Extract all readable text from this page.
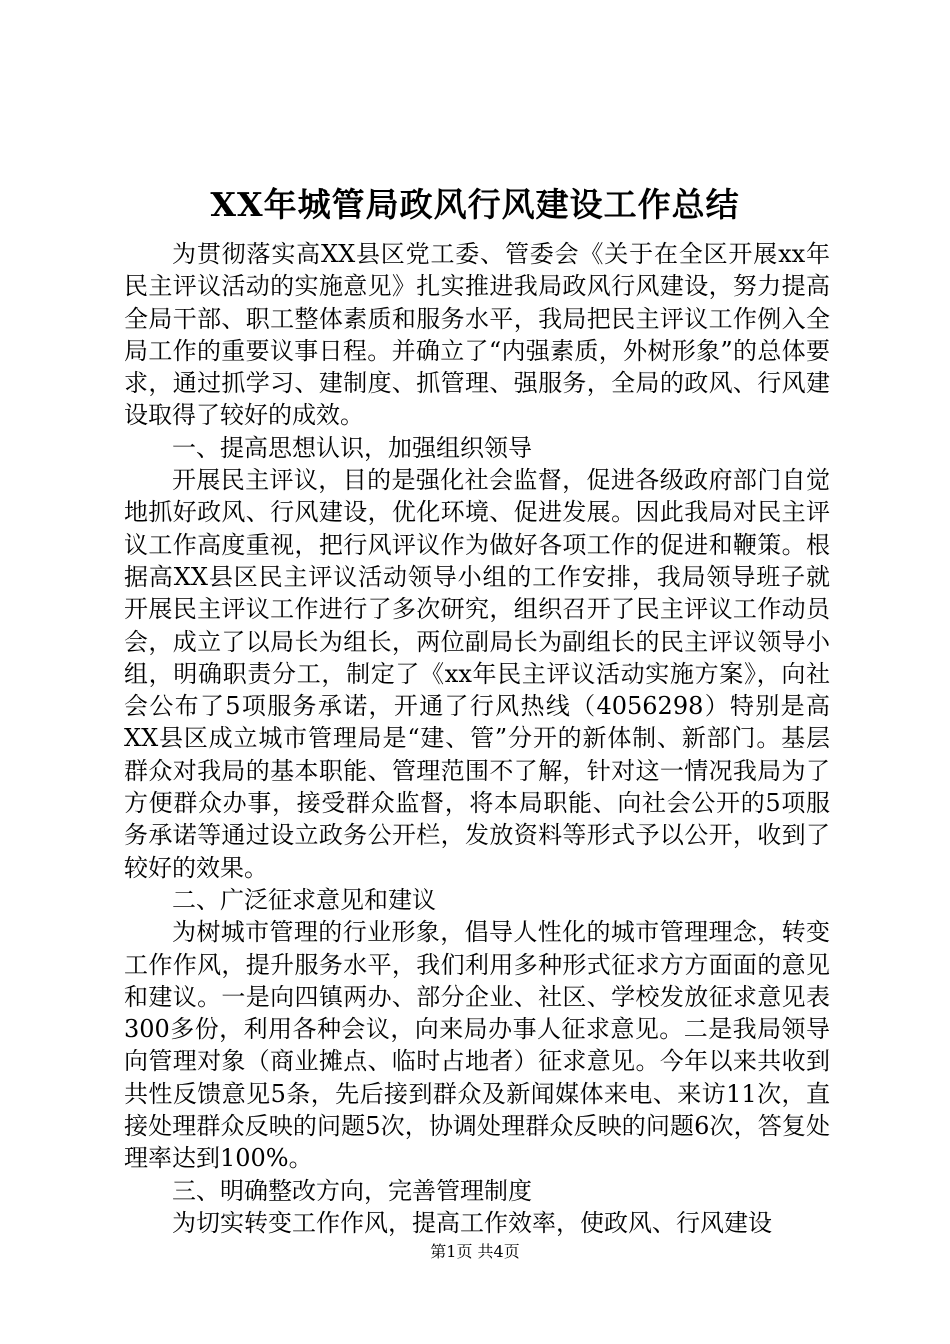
XX年城管局政风行风建设工作总结

为贯彻落实高XX县区党工委、管委会《关于在全区开展xx年民主评议活动的实施意见》扎实推进我局政风行风建设，努力提高全局干部、职工整体素质和服务水平，我局把民主评议工作例入全局工作的重要议事日程。并确立了“内强素质，外树形象”的总体要求，通过抓学习、建制度、抓管理、强服务，全局的政风、行风建设取得了较好的成效。

一、提高思想认识，加强组织领导

开展民主评议，目的是强化社会监督，促进各级政府部门自觉地抓好政风、行风建设，优化环境、促进发展。因此我局对民主评议工作高度重视，把行风评议作为做好各项工作的促进和鞭策。根据高XX县区民主评议活动领导小组的工作安排，我局领导班子就开展民主评议工作进行了多次研究，组织召开了民主评议工作动员会，成立了以局长为组长，两位副局长为副组长的民主评议领导小组，明确职责分工，制定了《xx年民主评议活动实施方案》，向社会公布了5项服务承诺，开通了行风热线（4056298）特别是高XX县区成立城市管理局是“建、管”分开的新体制、新部门。基层群众对我局的基本职能、管理范围不了解，针对这一情况我局为了方便群众办事，接受群众监督，将本局职能、向社会公开的5项服务承诺等通过设立政务公开栏，发放资料等形式予以公开，收到了较好的效果。

二、广泛征求意见和建议

为树城市管理的行业形象，倡导人性化的城市管理理念，转变工作作风，提升服务水平，我们利用多种形式征求方方面面的意见和建议。一是向四镇两办、部分企业、社区、学校发放征求意见表300多份，利用各种会议，向来局办事人征求意见。二是我局领导向管理对象（商业摊点、临时占地者）征求意见。今年以来共收到共性反馈意见5条，先后接到群众及新闻媒体来电、来访11次，直接处理群众反映的问题5次，协调处理群众反映的问题6次，答复处理率达到100%。

三、明确整改方向，完善管理制度

为切实转变工作作风，提高工作效率，使政风、行风建设

第1页 共4页
